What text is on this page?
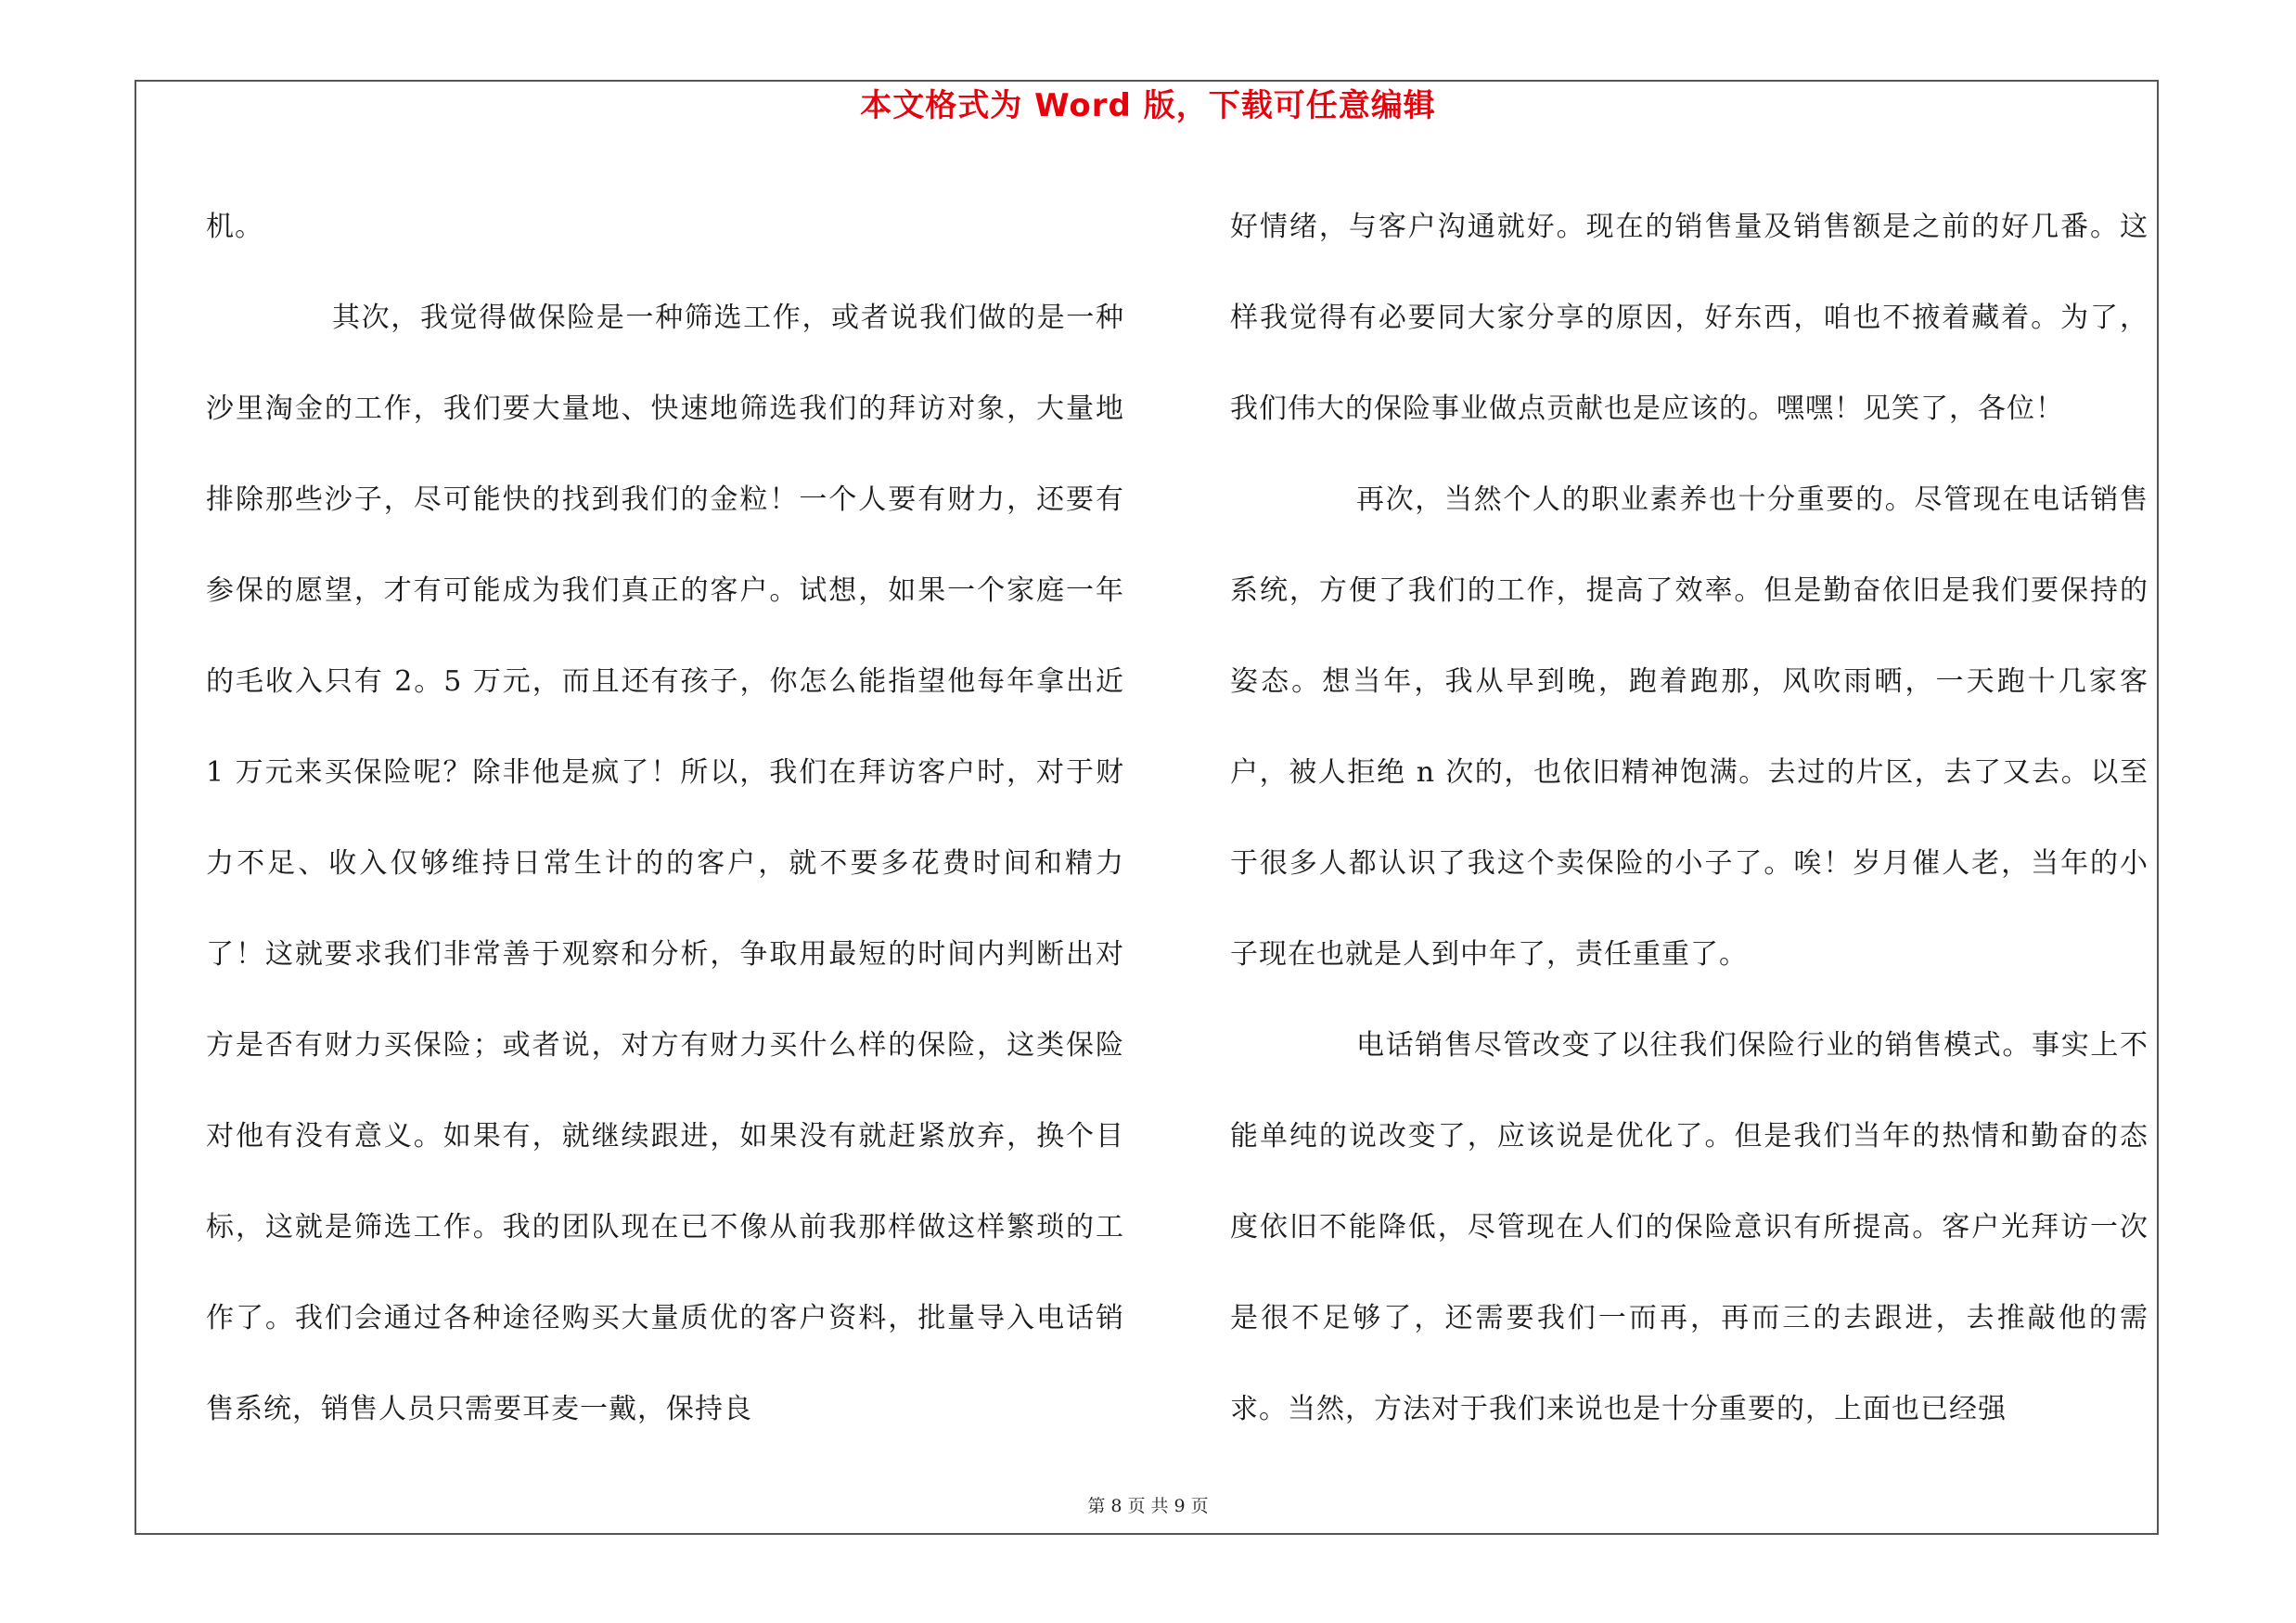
本文格式为 Word 版，下载可任意编辑

机。

其次，我觉得做保险是一种筛选工作，或者说我们做的是一种沙里淘金的工作，我们要大量地、快速地筛选我们的拜访对象，大量地排除那些沙子，尽可能快的找到我们的金粒！一个人要有财力，还要有参保的愿望，才有可能成为我们真正的客户。试想，如果一个家庭一年的毛收入只有 2。5 万元，而且还有孩子，你怎么能指望他每年拿出近 1 万元来买保险呢？除非他是疯了！所以，我们在拜访客户时，对于财力不足、收入仅够维持日常生计的的客户，就不要多花费时间和精力了！这就要求我们非常善于观察和分析，争取用最短的时间内判断出对方是否有财力买保险；或者说，对方有财力买什么样的保险，这类保险对他有没有意义。如果有，就继续跟进，如果没有就赶紧放弃，换个目标，这就是筛选工作。我的团队现在已不像从前我那样做这样繁琐的工作了。我们会通过各种途径购买大量质优的客户资料，批量导入电话销售系统，销售人员只需要耳麦一戴，保持良

好情绪，与客户沟通就好。现在的销售量及销售额是之前的好几番。这样我觉得有必要同大家分享的原因，好东西，咱也不掖着藏着。为了，我们伟大的保险事业做点贡献也是应该的。嘿嘿！见笑了，各位！

再次，当然个人的职业素养也十分重要的。尽管现在电话销售系统，方便了我们的工作，提高了效率。但是勤奋依旧是我们要保持的姿态。想当年，我从早到晚，跑着跑那，风吹雨晒，一天跑十几家客户，被人拒绝 n 次的，也依旧精神饱满。去过的片区，去了又去。以至于很多人都认识了我这个卖保险的小子了。唉！岁月催人老，当年的小子现在也就是人到中年了，责任重重了。

电话销售尽管改变了以往我们保险行业的销售模式。事实上不能单纯的说改变了，应该说是优化了。但是我们当年的热情和勤奋的态度依旧不能降低，尽管现在人们的保险意识有所提高。客户光拜访一次是很不足够了，还需要我们一而再，再而三的去跟进，去推敲他的需求。当然，方法对于我们来说也是十分重要的，上面也已经强

第 8 页 共 9 页
